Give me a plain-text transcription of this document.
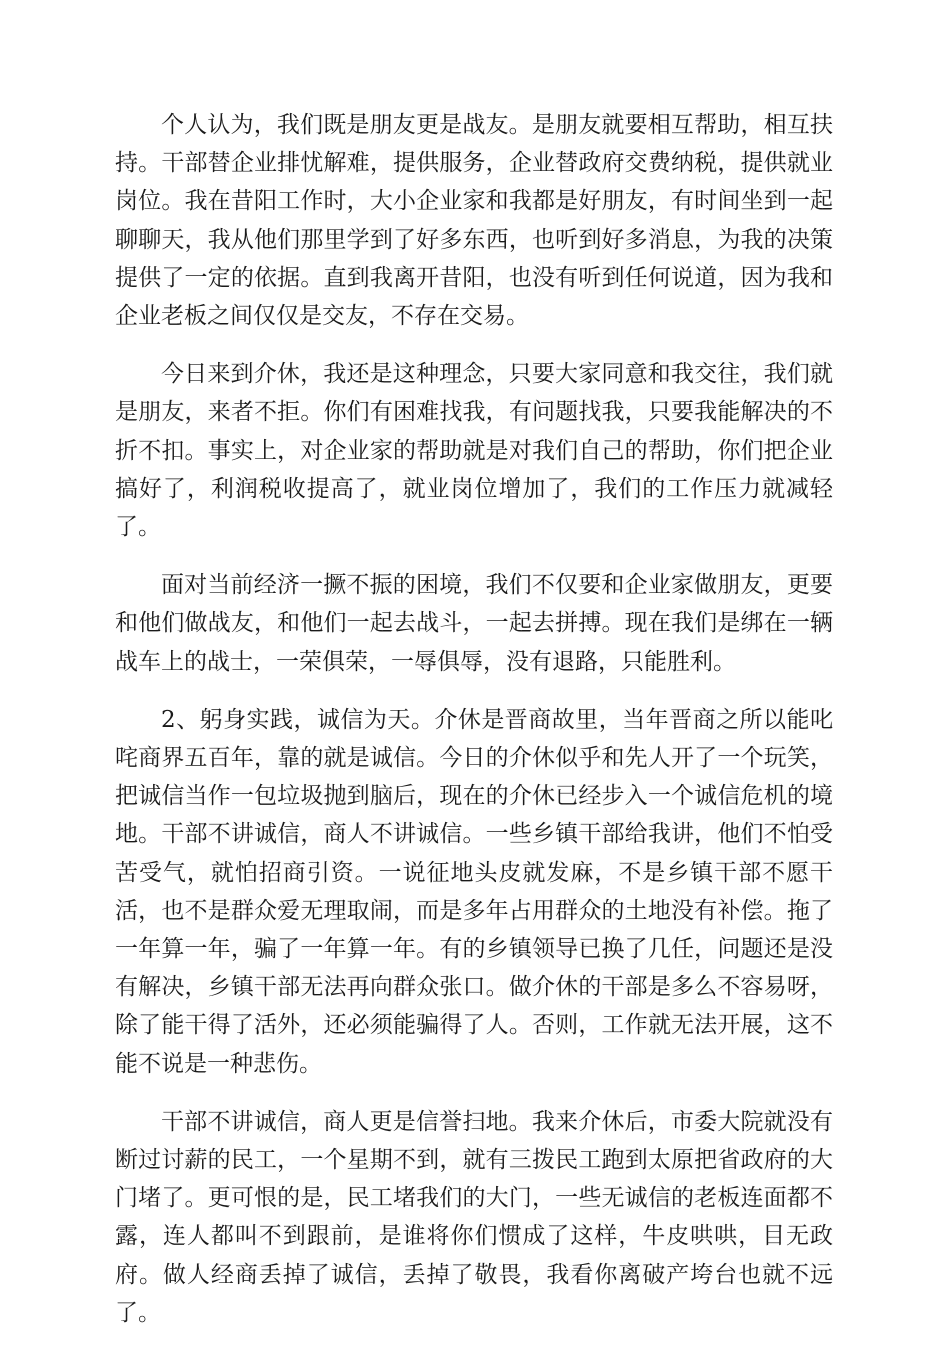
个人认为，我们既是朋友更是战友。是朋友就要相互帮助，相互扶持。干部替企业排忧解难，提供服务，企业替政府交费纳税，提供就业岗位。我在昔阳工作时，大小企业家和我都是好朋友，有时间坐到一起聊聊天，我从他们那里学到了好多东西，也听到好多消息，为我的决策提供了一定的依据。直到我离开昔阳，也没有听到任何说道，因为我和企业老板之间仅仅是交友，不存在交易。

今日来到介休，我还是这种理念，只要大家同意和我交往，我们就是朋友，来者不拒。你们有困难找我，有问题找我，只要我能解决的不折不扣。事实上，对企业家的帮助就是对我们自己的帮助，你们把企业搞好了，利润税收提高了，就业岗位增加了，我们的工作压力就减轻了。

面对当前经济一撅不振的困境，我们不仅要和企业家做朋友，更要和他们做战友，和他们一起去战斗，一起去拼搏。现在我们是绑在一辆战车上的战士，一荣俱荣，一辱俱辱，没有退路，只能胜利。

2、躬身实践，诚信为天。介休是晋商故里，当年晋商之所以能叱咤商界五百年，靠的就是诚信。今日的介休似乎和先人开了一个玩笑，把诚信当作一包垃圾抛到脑后，现在的介休已经步入一个诚信危机的境地。干部不讲诚信，商人不讲诚信。一些乡镇干部给我讲，他们不怕受苦受气，就怕招商引资。一说征地头皮就发麻，不是乡镇干部不愿干活，也不是群众爱无理取闹，而是多年占用群众的土地没有补偿。拖了一年算一年，骗了一年算一年。有的乡镇领导已换了几任，问题还是没有解决，乡镇干部无法再向群众张口。做介休的干部是多么不容易呀，除了能干得了活外，还必须能骗得了人。否则，工作就无法开展，这不能不说是一种悲伤。

干部不讲诚信，商人更是信誉扫地。我来介休后，市委大院就没有断过讨薪的民工，一个星期不到，就有三拨民工跑到太原把省政府的大门堵了。更可恨的是，民工堵我们的大门，一些无诚信的老板连面都不露，连人都叫不到跟前，是谁将你们惯成了这样，牛皮哄哄，目无政府。做人经商丢掉了诚信，丢掉了敬畏，我看你离破产垮台也就不远了。
